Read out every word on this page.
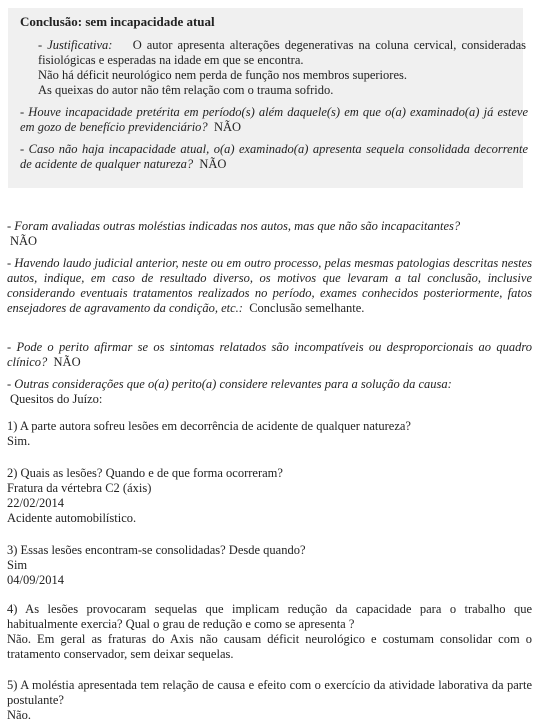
Conclusão: sem incapacidade atual
- Justificativa: O autor apresenta alterações degenerativas na coluna cervical, consideradas fisiológicas e esperadas na idade em que se encontra.
Não há déficit neurológico nem perda de função nos membros superiores.
As queixas do autor não têm relação com o trauma sofrido.
- Houve incapacidade pretérita em período(s) além daquele(s) em que o(a) examinado(a) já esteve em gozo de benefício previdenciário? NÃO
- Caso não haja incapacidade atual, o(a) examinado(a) apresenta sequela consolidada decorrente de acidente de qualquer natureza? NÃO
- Foram avaliadas outras moléstias indicadas nos autos, mas que não são incapacitantes?
NÃO
- Havendo laudo judicial anterior, neste ou em outro processo, pelas mesmas patologias descritas nestes autos, indique, em caso de resultado diverso, os motivos que levaram a tal conclusão, inclusive considerando eventuais tratamentos realizados no período, exames conhecidos posteriormente, fatos ensejadores de agravamento da condição, etc.: Conclusão semelhante.
- Pode o perito afirmar se os sintomas relatados são incompatíveis ou desproporcionais ao quadro clínico? NÃO
- Outras considerações que o(a) perito(a) considere relevantes para a solução da causa:
Quesitos do Juízo:
1) A parte autora sofreu lesões em decorrência de acidente de qualquer natureza?
Sim.
2) Quais as lesões? Quando e de que forma ocorreram?
Fratura da vértebra C2 (áxis)
22/02/2014
Acidente automobilístico.
3) Essas lesões encontram-se consolidadas? Desde quando?
Sim
04/09/2014
4) As lesões provocaram sequelas que implicam redução da capacidade para o trabalho que habitualmente exercia? Qual o grau de redução e como se apresenta ?
Não. Em geral as fraturas do Axis não causam déficit neurológico e costumam consolidar com o tratamento conservador, sem deixar sequelas.
5) A moléstia apresentada tem relação de causa e efeito com o exercício da atividade laborativa da parte postulante?
Não.
